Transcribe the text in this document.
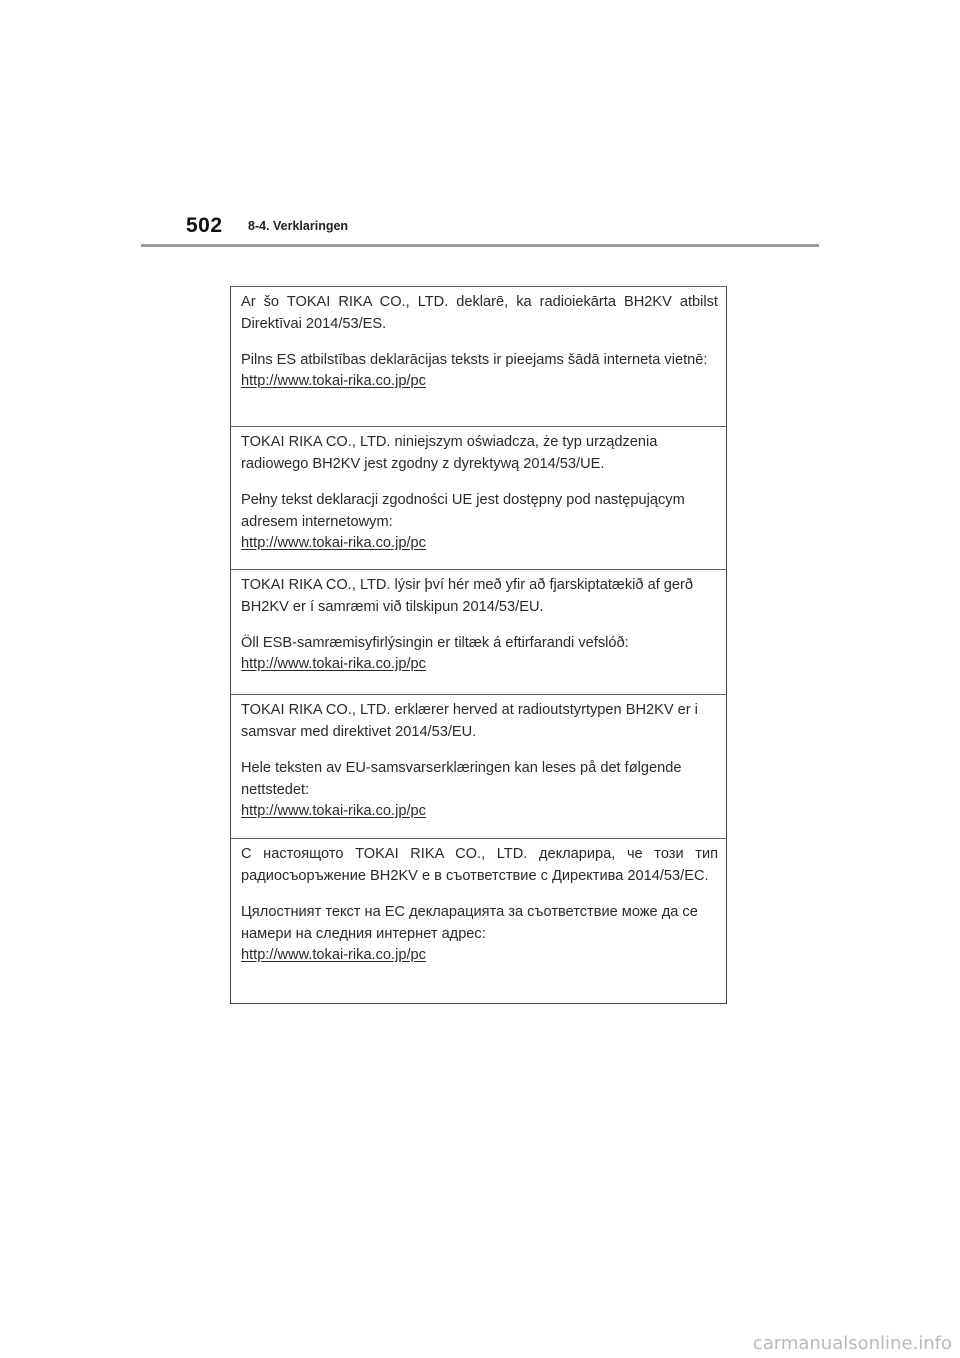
502 8-4. Verklaringen

Ar šo TOKAI RIKA CO., LTD. deklarē, ka radioiekārta BH2KV atbilst Direktīvai 2014/53/ES.

Pilns ES atbilstības deklarācijas teksts ir pieejams šādā interneta vietnē:

http://www.tokai-rika.co.jp/pc

TOKAI RIKA CO., LTD. niniejszym oświadcza, że typ urządzenia radiowego BH2KV jest zgodny z dyrektywą 2014/53/UE.

Pełny tekst deklaracji zgodności UE jest dostępny pod następującym adresem internetowym:

http://www.tokai-rika.co.jp/pc

TOKAI RIKA CO., LTD. lýsir því hér með yfir að fjarskiptatækið af gerð BH2KV er í samræmi við tilskipun 2014/53/EU.

Öll ESB-samræmisyfirlýsingin er tiltæk á eftirfarandi vefslóð:

http://www.tokai-rika.co.jp/pc

TOKAI RIKA CO., LTD. erklærer herved at radioutstyrtypen BH2KV er i samsvar med direktivet 2014/53/EU.

Hele teksten av EU-samsvarserklæringen kan leses på det følgende nettstedet:

http://www.tokai-rika.co.jp/pc

С настоящото TOKAI RIKA CO., LTD. декларира, че този тип радиосъоръжение BH2KV е в съответствие с Директива 2014/53/ЕС.

Цялостният текст на ЕС декларацията за съответствие може да се намери на следния интернет адрес:

http://www.tokai-rika.co.jp/pc
carmanualsonline.info
